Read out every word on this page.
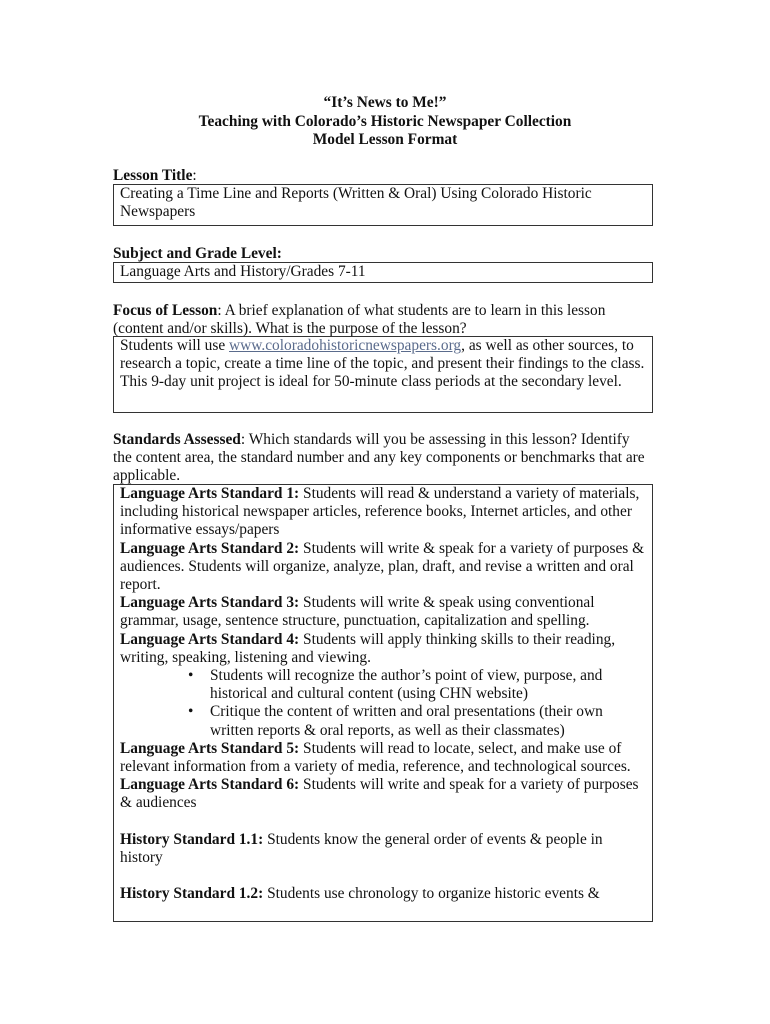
“It’s News to Me!”
Teaching with Colorado’s Historic Newspaper Collection
Model Lesson Format
Lesson Title:
Creating a Time Line and Reports (Written & Oral) Using Colorado Historic Newspapers
Subject and Grade Level:
Language Arts and History/Grades 7-11
Focus of Lesson: A brief explanation of what students are to learn in this lesson (content and/or skills). What is the purpose of the lesson?
Students will use www.coloradohistoricnewspapers.org, as well as other sources, to research a topic, create a time line of the topic, and present their findings to the class. This 9-day unit project is ideal for 50-minute class periods at the secondary level.
Standards Assessed: Which standards will you be assessing in this lesson? Identify the content area, the standard number and any key components or benchmarks that are applicable.
Language Arts Standard 1: Students will read & understand a variety of materials, including historical newspaper articles, reference books, Internet articles, and other informative essays/papers
Language Arts Standard 2: Students will write & speak for a variety of purposes & audiences. Students will organize, analyze, plan, draft, and revise a written and oral report.
Language Arts Standard 3: Students will write & speak using conventional grammar, usage, sentence structure, punctuation, capitalization and spelling.
Language Arts Standard 4: Students will apply thinking skills to their reading, writing, speaking, listening and viewing.
• Students will recognize the author’s point of view, purpose, and historical and cultural content (using CHN website)
• Critique the content of written and oral presentations (their own written reports & oral reports, as well as their classmates)
Language Arts Standard 5: Students will read to locate, select, and make use of relevant information from a variety of media, reference, and technological sources.
Language Arts Standard 6: Students will write and speak for a variety of purposes & audiences
History Standard 1.1: Students know the general order of events & people in history
History Standard 1.2: Students use chronology to organize historic events &
